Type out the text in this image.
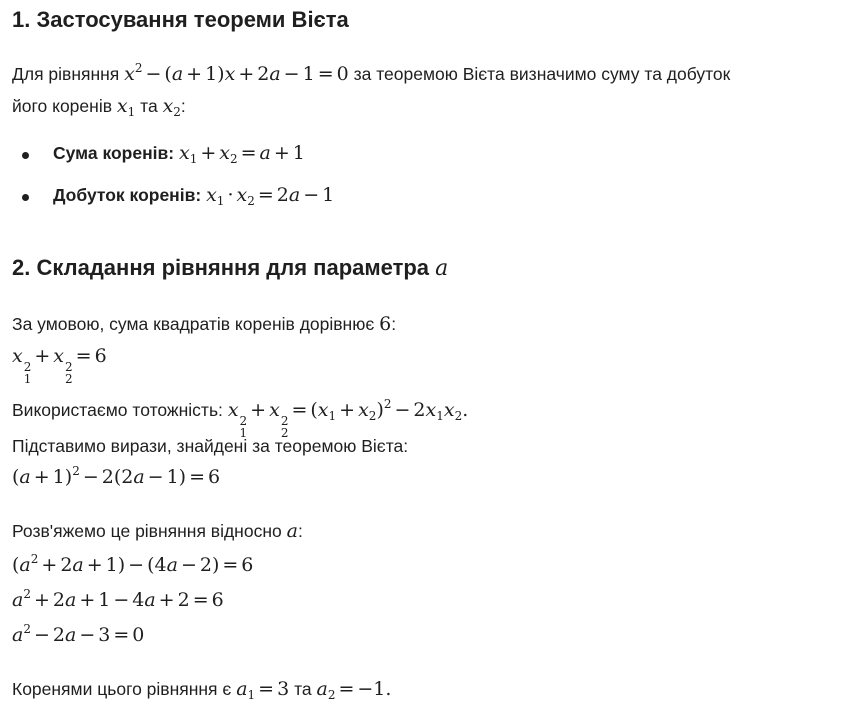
1. Застосування теореми Вієта
Для рівняння $x^2 - (a + 1)x + 2a - 1 = 0$ за теоремою Вієта визначимо суму та добуток
його коренів $x_1$ та $x_2$:
Сума коренів: $x_1 + x_2 = a + 1$
Добуток коренів: $x_1 \cdot x_2 = 2a - 1$
2. Складання рівняння для параметра a
За умовою, сума квадратів коренів дорівнює 6:
x 2
1
+ x 2
2
= 6
Використаємо тотожність: x 2
1
+ x 2
2
= $(x_1 + x_2)^2 - 2x_1x_2$.
Підставимо вирази, знайдені за теоремою Вієта:
$(a + 1)^2 - 2(2a - 1) = 6$
Розв'яжемо це рівняння відносно a:
$(a^2 + 2a + 1) - (4a - 2) = 6$
$a^2 + 2a + 1 - 4a + 2 = 6$
$a^2 - 2a - 3 = 0$
Коренями цього рівняння є $a_1 = 3$ та $a_2 = -1$.
